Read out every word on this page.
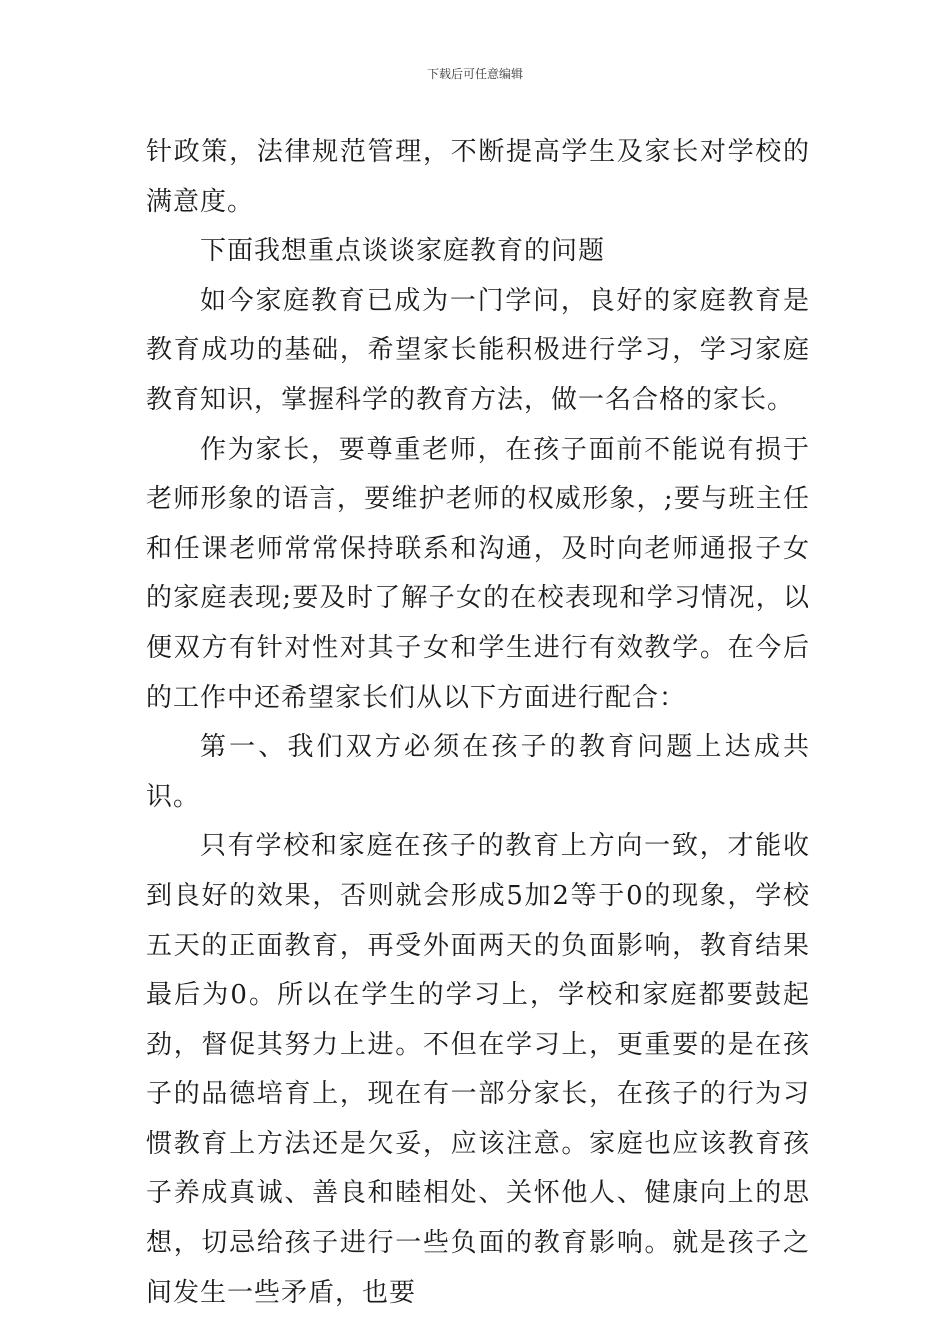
下载后可任意编辑

针政策，法律规范管理，不断提高学生及家长对学校的满意度。

下面我想重点谈谈家庭教育的问题

如今家庭教育已成为一门学问，良好的家庭教育是教育成功的基础，希望家长能积极进行学习，学习家庭教育知识，掌握科学的教育方法，做一名合格的家长。

作为家长，要尊重老师，在孩子面前不能说有损于老师形象的语言，要维护老师的权威形象，;要与班主任和任课老师常常保持联系和沟通，及时向老师通报子女的家庭表现;要及时了解子女的在校表现和学习情况，以便双方有针对性对其子女和学生进行有效教学。在今后的工作中还希望家长们从以下方面进行配合：

第一、我们双方必须在孩子的教育问题上达成共识。

只有学校和家庭在孩子的教育上方向一致，才能收到良好的效果，否则就会形成5加2等于0的现象，学校五天的正面教育，再受外面两天的负面影响，教育结果最后为0。所以在学生的学习上，学校和家庭都要鼓起劲，督促其努力上进。不但在学习上，更重要的是在孩子的品德培育上，现在有一部分家长，在孩子的行为习惯教育上方法还是欠妥，应该注意。家庭也应该教育孩子养成真诚、善良和睦相处、关怀他人、健康向上的思想，切忌给孩子进行一些负面的教育影响。就是孩子之间发生一些矛盾，也要
